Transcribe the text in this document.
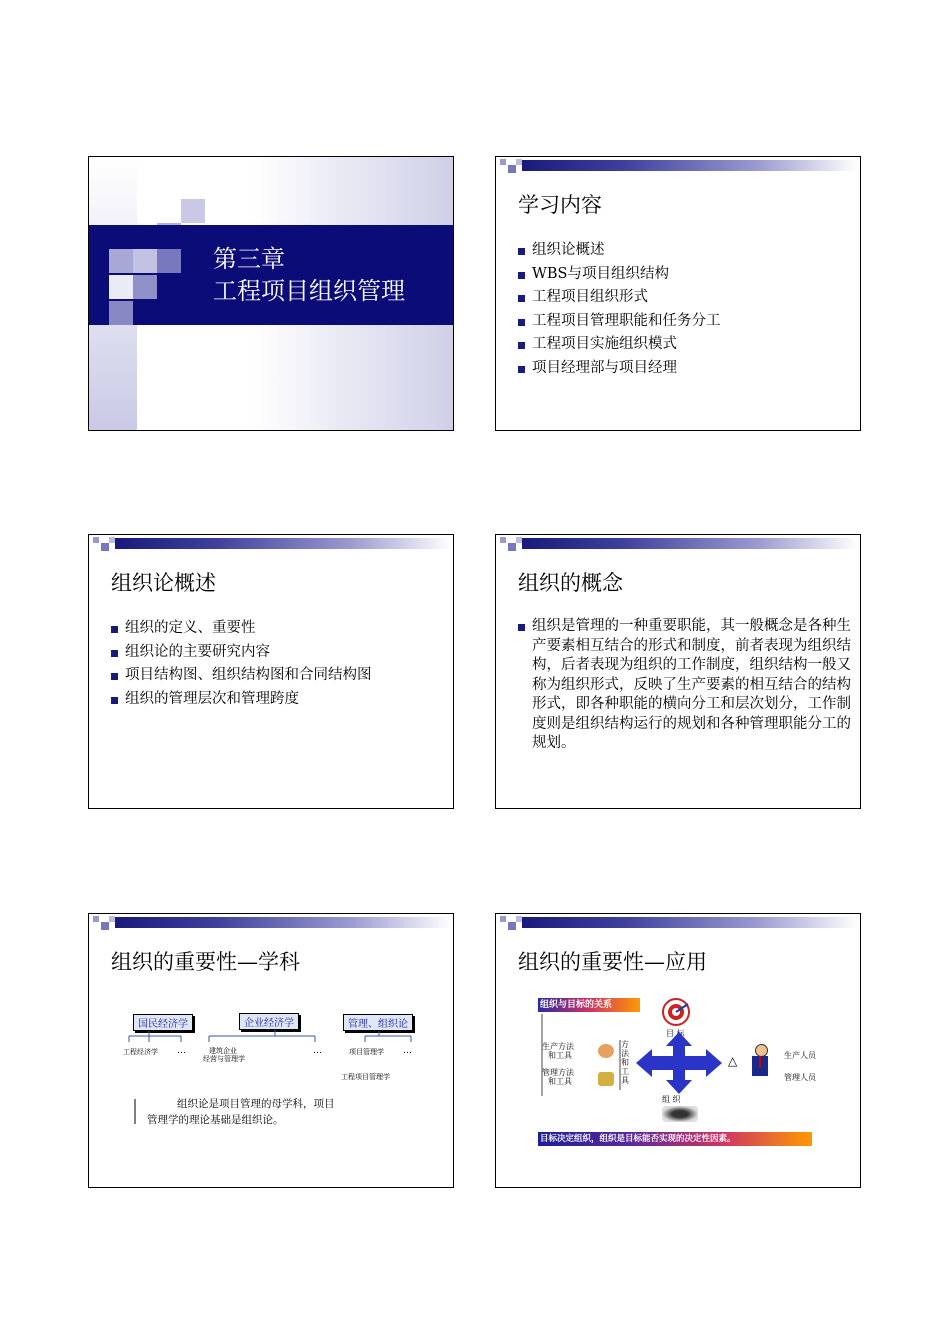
第三章
工程项目组织管理
学习内容
组织论概述
WBS与项目组织结构
工程项目组织形式
工程项目管理职能和任务分工
工程项目实施组织模式
项目经理部与项目经理
组织论概述
组织的定义、重要性
组织论的主要研究内容
项目结构图、组织结构图和合同结构图
组织的管理层次和管理跨度
组织的概念
组织是管理的一种重要职能，其一般概念是各种生产要素相互结合的形式和制度，前者表现为组织结构，后者表现为组织的工作制度，组织结构一般又称为组织形式，反映了生产要素的相互结合的结构形式，即各种职能的横向分工和层次划分，工作制度则是组织结构运行的规划和各种管理职能分工的规划。
组织的重要性—学科
国民经济学	企业经济学	管理、组织论
工程经济学 …	建筑企业
经营与管理学
…	项目管理学 …
工程项目管理学
组织论是项目管理的母学科，项目
管理学的理论基础是组织论。
组织的重要性—应用
组织与目标的关系
目 标
生产方法
和工具
管理方法
和工具
方法和工具
△	生产人员
管理人员
组 织
目标决定组织，组织是目标能否实现的决定性因素。
